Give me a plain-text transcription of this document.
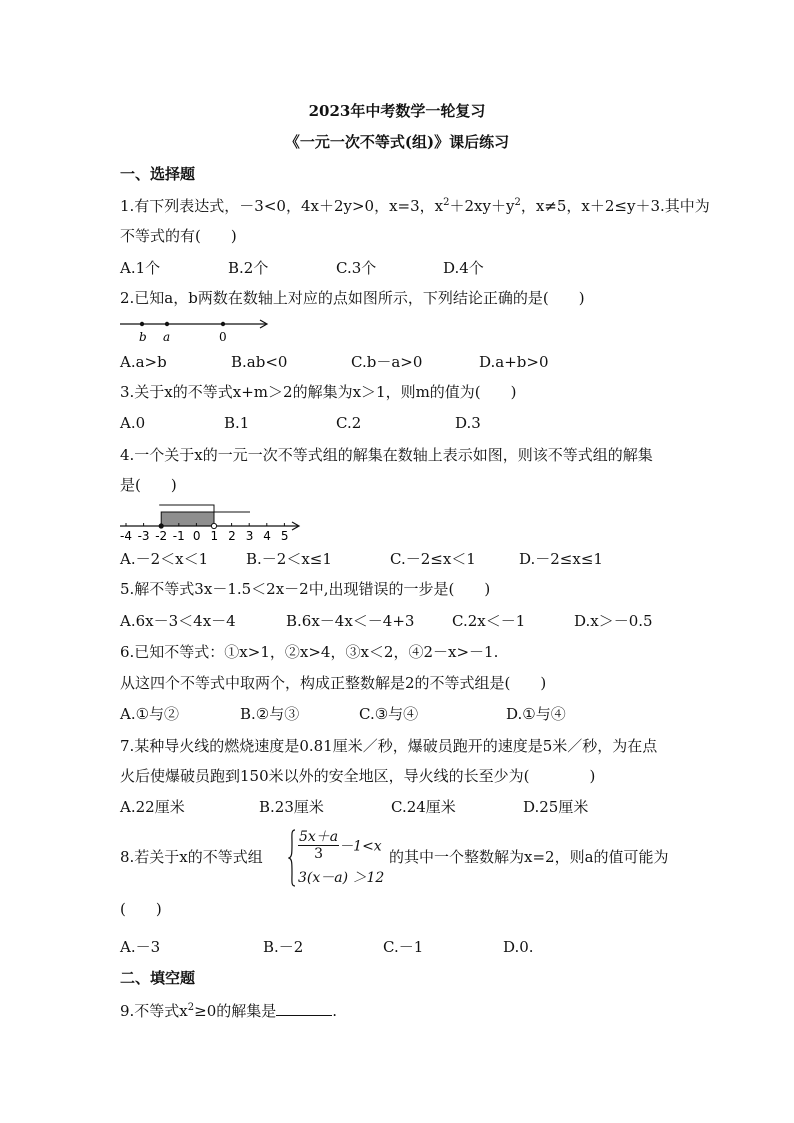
2023年中考数学一轮复习
《一元一次不等式(组)》课后练习
一、选择题
1.有下列表达式，－3<0，4x＋2y>0，x=3，$x^2+2xy+y^2$，x≠5，x＋2≤y＋3.其中为
不等式的有(　　)
A.1个	B.2个	C.3个	D.4个
2.已知a，b两数在数轴上对应的点如图所示，下列结论正确的是(　　)
b a	0
A.a>b	B.ab<0	C.b－a>0	D.a+b>0
3.关于x的不等式x+m＞2的解集为x＞1，则m的值为(　　)
A.0	B.1	C.2	D.3
4.一个关于x的一元一次不等式组的解集在数轴上表示如图，则该不等式组的解集
是(　　)
-4 -3 -2 -1 0 1 2 3 4 5
A.－2＜x＜1	B.－2＜x≤1	C.－2≤x＜1	D.－2≤x≤1
5.解不等式3x－1.5＜2x－2中,出现错误的一步是(　　)
A.6x－3＜4x－4	B.6x－4x＜－4+3	C.2x＜－1	D.x＞－0.5
6.已知不等式：①x>1，②x>4，③x＜2，④2－x>－1.
从这四个不等式中取两个，构成正整数解是2的不等式组是(　　)
A.①与②	B.②与③	C.③与④	D.①与④
7.某种导火线的燃烧速度是0.81厘米／秒，爆破员跑开的速度是5米／秒，为在点
火后使爆破员跑到150米以外的安全地区，导火线的长至少为(　　　　)
A.22厘米	B.23厘米	C.24厘米	D.25厘米
8.若关于x的不等式组	$\frac{5x+a}{3} -1<x$
3(x－a) ＞12
的其中一个整数解为x=2，则a的值可能为
(　　)
A.－3	B.－2	C.－1	D.0.
二、填空题
9.不等式$x^2\ge 0$的解集是	.
